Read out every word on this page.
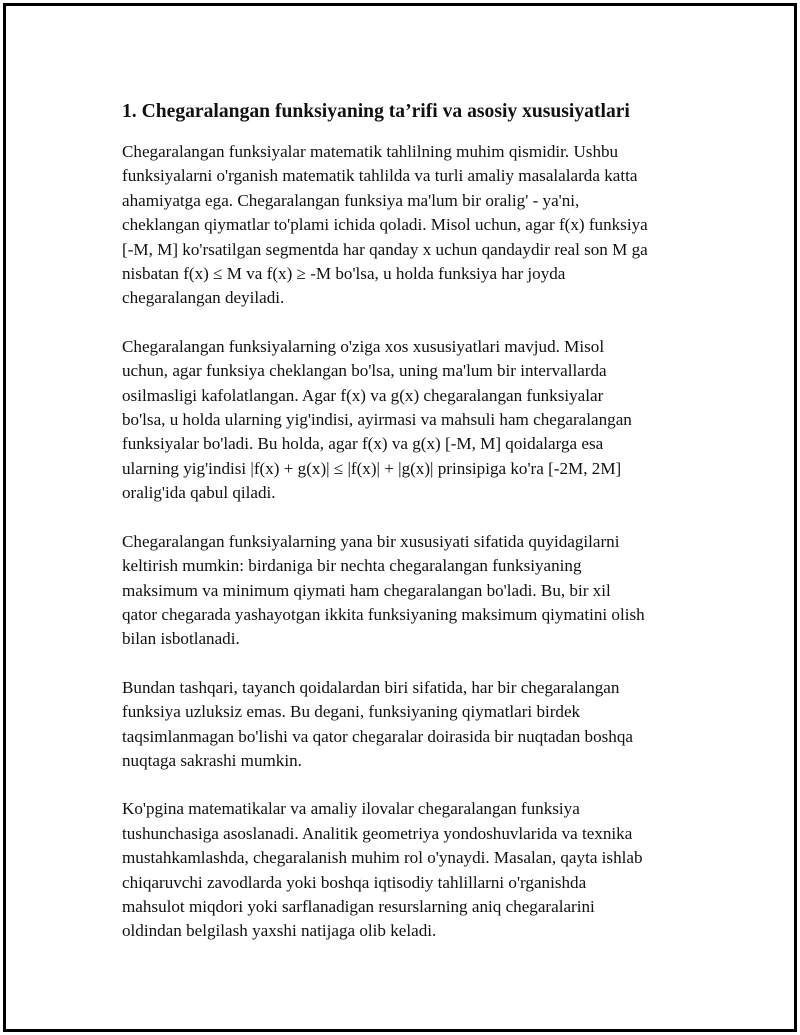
1. Chegaralangan funksiyaning ta’rifi va asosiy xususiyatlari

Chegaralangan funksiyalar matematik tahlilning muhim qismidir. Ushbu
funksiyalarni o'rganish matematik tahlilda va turli amaliy masalalarda katta
ahamiyatga ega. Chegaralangan funksiya ma'lum bir oralig' - ya'ni,
cheklangan qiymatlar to'plami ichida qoladi. Misol uchun, agar f(x) funksiya
[-M, M] ko'rsatilgan segmentda har qanday x uchun qandaydir real son M ga
nisbatan f(x) ≤ M va f(x) ≥ -M bo'lsa, u holda funksiya har joyda
chegaralangan deyiladi.

Chegaralangan funksiyalarning o'ziga xos xususiyatlari mavjud. Misol
uchun, agar funksiya cheklangan bo'lsa, uning ma'lum bir intervallarda
osilmasligi kafolatlangan. Agar f(x) va g(x) chegaralangan funksiyalar
bo'lsa, u holda ularning yig'indisi, ayirmasi va mahsuli ham chegaralangan
funksiyalar bo'ladi. Bu holda, agar f(x) va g(x) [-M, M] qoidalarga esa
ularning yig'indisi |f(x) + g(x)| ≤ |f(x)| + |g(x)| prinsipiga ko'ra [-2M, 2M]
oralig'ida qabul qiladi.

Chegaralangan funksiyalarning yana bir xususiyati sifatida quyidagilarni
keltirish mumkin: birdaniga bir nechta chegaralangan funksiyaning
maksimum va minimum qiymati ham chegaralangan bo'ladi. Bu, bir xil
qator chegarada yashayotgan ikkita funksiyaning maksimum qiymatini olish
bilan isbotlanadi.

Bundan tashqari, tayanch qoidalardan biri sifatida, har bir chegaralangan
funksiya uzluksiz emas. Bu degani, funksiyaning qiymatlari birdek
taqsimlanmagan bo'lishi va qator chegaralar doirasida bir nuqtadan boshqa
nuqtaga sakrashi mumkin.

Ko'pgina matematikalar va amaliy ilovalar chegaralangan funksiya
tushunchasiga asoslanadi. Analitik geometriya yondoshuvlarida va texnika
mustahkamlashda, chegaralanish muhim rol o'ynaydi. Masalan, qayta ishlab
chiqaruvchi zavodlarda yoki boshqa iqtisodiy tahlillarni o'rganishda
mahsulot miqdori yoki sarflanadigan resurslarning aniq chegaralarini
oldindan belgilash yaxshi natijaga olib keladi.
